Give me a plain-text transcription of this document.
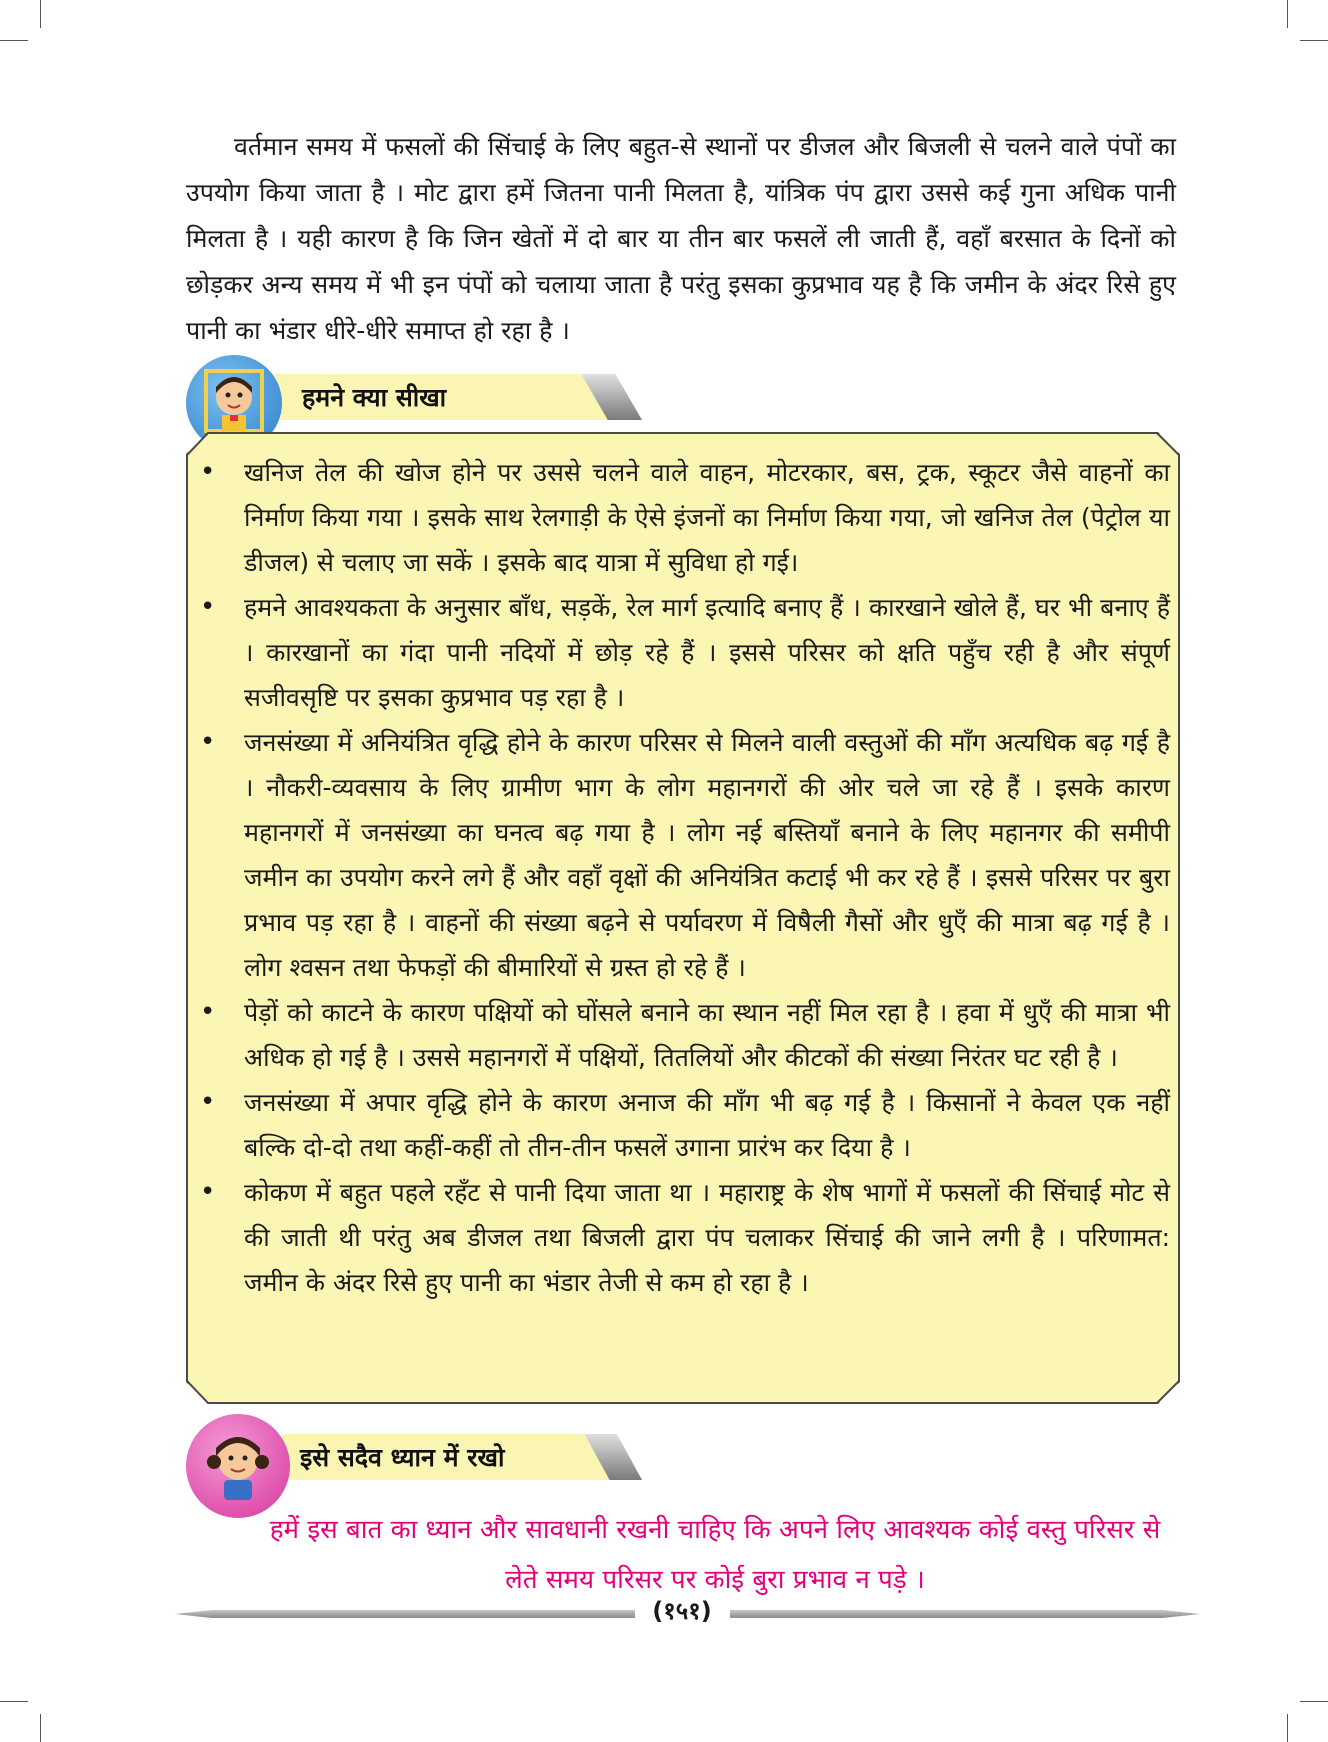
वर्तमान समय में फसलों की सिंचाई के लिए बहुत-से स्थानों पर डीजल और बिजली से चलने वाले पंपों का उपयोग किया जाता है । मोट द्वारा हमें जितना पानी मिलता है, यांत्रिक पंप द्वारा उससे कई गुना अधिक पानी मिलता है । यही कारण है कि जिन खेतों में दो बार या तीन बार फसलें ली जाती हैं, वहाँ बरसात के दिनों को छोड़कर अन्य समय में भी इन पंपों को चलाया जाता है परंतु इसका कुप्रभाव यह है कि जमीन के अंदर रिसे हुए पानी का भंडार धीरे-धीरे समाप्त हो रहा है ।

हमने क्या सीखा
• खनिज तेल की खोज होने पर उससे चलने वाले वाहन, मोटरकार, बस, ट्रक, स्कूटर जैसे वाहनों का निर्माण किया गया । इसके साथ रेलगाड़ी के ऐसे इंजनों का निर्माण किया गया, जो खनिज तेल (पेट्रोल या डीजल) से चलाए जा सकें । इसके बाद यात्रा में सुविधा हो गई।
• हमने आवश्यकता के अनुसार बाँध, सड़कें, रेल मार्ग इत्यादि बनाए हैं । कारखाने खोले हैं, घर भी बनाए हैं । कारखानों का गंदा पानी नदियों में छोड़ रहे हैं । इससे परिसर को क्षति पहुँच रही है और संपूर्ण सजीवसृष्टि पर इसका कुप्रभाव पड़ रहा है ।
• जनसंख्या में अनियंत्रित वृद्धि होने के कारण परिसर से मिलने वाली वस्तुओं की माँग अत्यधिक बढ़ गई है । नौकरी-व्यवसाय के लिए ग्रामीण भाग के लोग महानगरों की ओर चले जा रहे हैं । इसके कारण महानगरों में जनसंख्या का घनत्व बढ़ गया है । लोग नई बस्तियाँ बनाने के लिए महानगर की समीपी जमीन का उपयोग करने लगे हैं और वहाँ वृक्षों की अनियंत्रित कटाई भी कर रहे हैं । इससे परिसर पर बुरा प्रभाव पड़ रहा है । वाहनों की संख्या बढ़ने से पर्यावरण में विषैली गैसों और धुएँ की मात्रा बढ़ गई है । लोग श्वसन तथा फेफड़ों की बीमारियों से ग्रस्त हो रहे हैं ।
• पेड़ों को काटने के कारण पक्षियों को घोंसले बनाने का स्थान नहीं मिल रहा है । हवा में धुएँ की मात्रा भी अधिक हो गई है । उससे महानगरों में पक्षियों, तितलियों और कीटकों की संख्या निरंतर घट रही है ।
• जनसंख्या में अपार वृद्धि होने के कारण अनाज की माँग भी बढ़ गई है । किसानों ने केवल एक नहीं बल्कि दो-दो तथा कहीं-कहीं तो तीन-तीन फसलें उगाना प्रारंभ कर दिया है ।
• कोकण में बहुत पहले रहँट से पानी दिया जाता था । महाराष्ट्र के शेष भागों में फसलों की सिंचाई मोट से की जाती थी परंतु अब डीजल तथा बिजली द्वारा पंप चलाकर सिंचाई की जाने लगी है । परिणामत: जमीन के अंदर रिसे हुए पानी का भंडार तेजी से कम हो रहा है ।
इसे सदैव ध्यान में रखो

हमें इस बात का ध्यान और सावधानी रखनी चाहिए कि अपने लिए आवश्यक कोई वस्तु परिसर से लेते समय परिसर पर कोई बुरा प्रभाव न पड़े ।

(१५१)
